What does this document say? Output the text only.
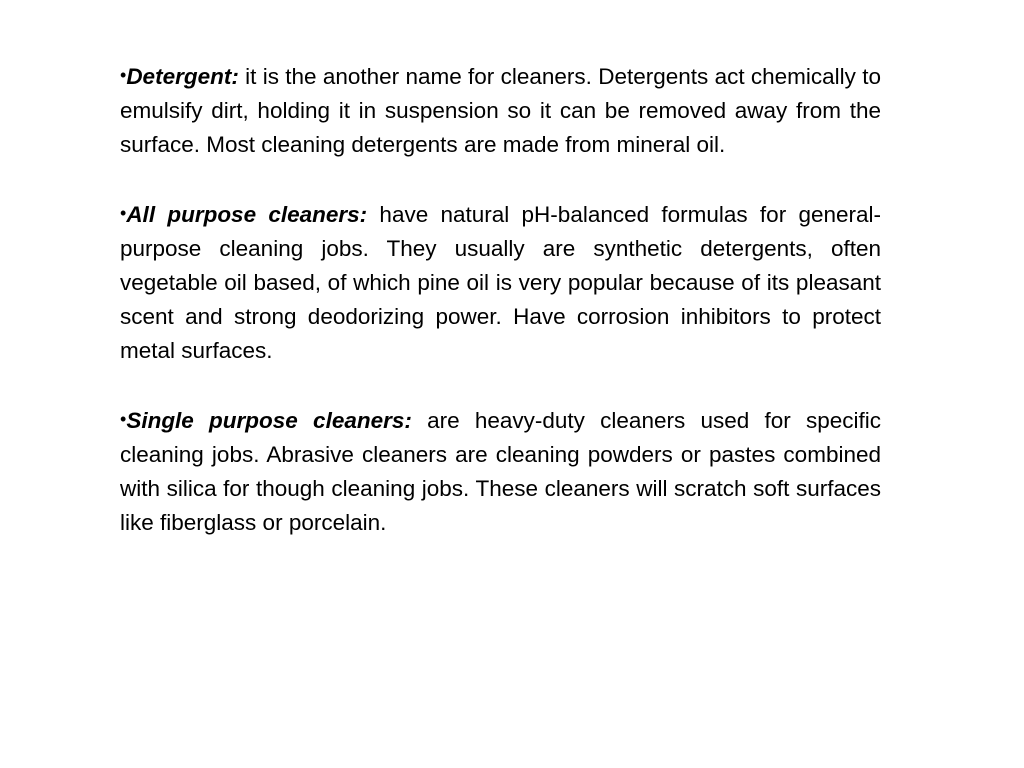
•Detergent: it is the another name for cleaners. Detergents act chemically to emulsify dirt, holding it in suspension so it can be removed away from the surface. Most cleaning detergents are made from mineral oil.

•All purpose cleaners: have natural pH-balanced formulas for general-purpose cleaning jobs. They usually are synthetic detergents, often vegetable oil based, of which pine oil is very popular because of its pleasant scent and strong deodorizing power. Have corrosion inhibitors to protect metal surfaces.

•Single purpose cleaners: are heavy-duty cleaners used for specific cleaning jobs. Abrasive cleaners are cleaning powders or pastes combined with silica for though cleaning jobs. These cleaners will scratch soft surfaces like fiberglass or porcelain.
